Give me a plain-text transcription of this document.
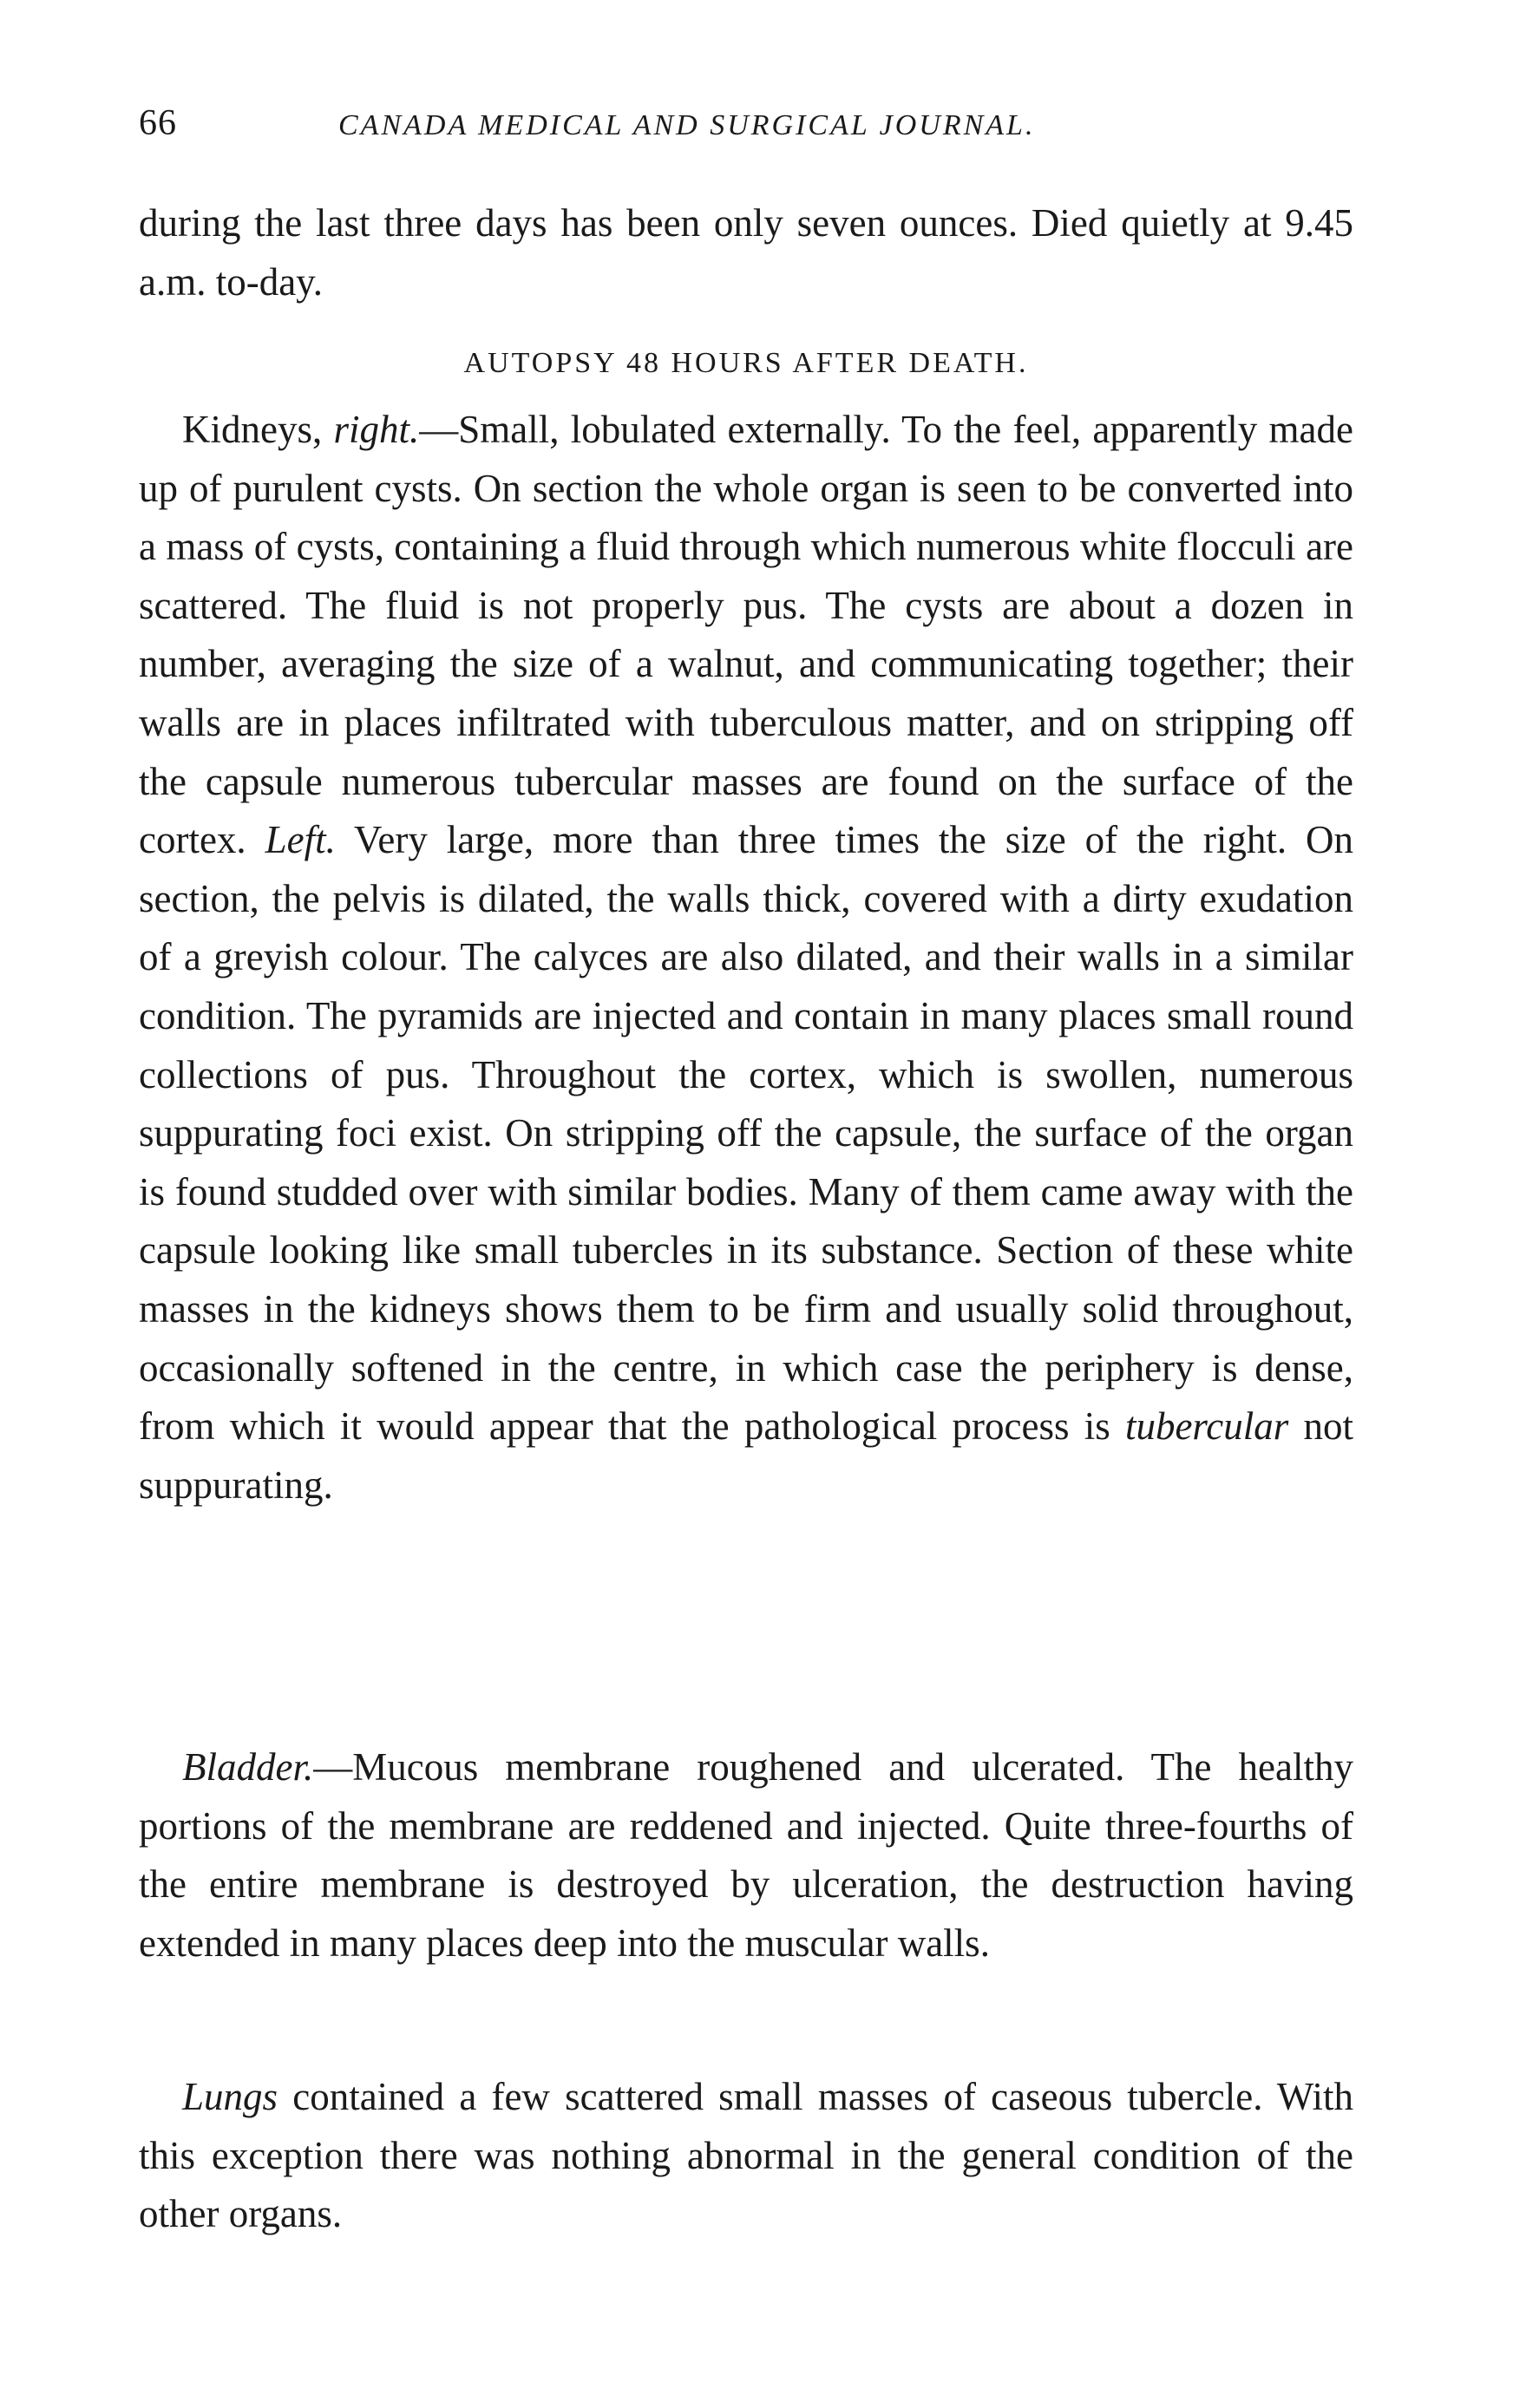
66	CANADA MEDICAL AND SURGICAL JOURNAL.

during the last three days has been only seven ounces. Died quietly at 9.45 a.m. to-day.

AUTOPSY 48 HOURS AFTER DEATH.

Kidneys, right.—Small, lobulated externally. To the feel, apparently made up of purulent cysts. On section the whole organ is seen to be converted into a mass of cysts, containing a fluid through which numerous white flocculi are scattered. The fluid is not properly pus. The cysts are about a dozen in number, averaging the size of a walnut, and communicating together; their walls are in places infiltrated with tuberculous matter, and on stripping off the capsule numerous tubercular masses are found on the surface of the cortex. Left. Very large, more than three times the size of the right. On section, the pelvis is dilated, the walls thick, covered with a dirty exudation of a greyish colour. The calyces are also dilated, and their walls in a similar condition. The pyramids are injected and contain in many places small round collections of pus. Throughout the cortex, which is swollen, numerous suppurating foci exist. On stripping off the capsule, the surface of the organ is found studded over with similar bodies. Many of them came away with the capsule looking like small tubercles in its substance. Section of these white masses in the kidneys shows them to be firm and usually solid throughout, occasionally softened in the centre, in which case the periphery is dense, from which it would appear that the pathological process is tubercular not suppurating.

Bladder.—Mucous membrane roughened and ulcerated. The healthy portions of the membrane are reddened and injected. Quite three-fourths of the entire membrane is destroyed by ulceration, the destruction having extended in many places deep into the muscular walls.

Lungs contained a few scattered small masses of caseous tubercle. With this exception there was nothing abnormal in the general condition of the other organs.
